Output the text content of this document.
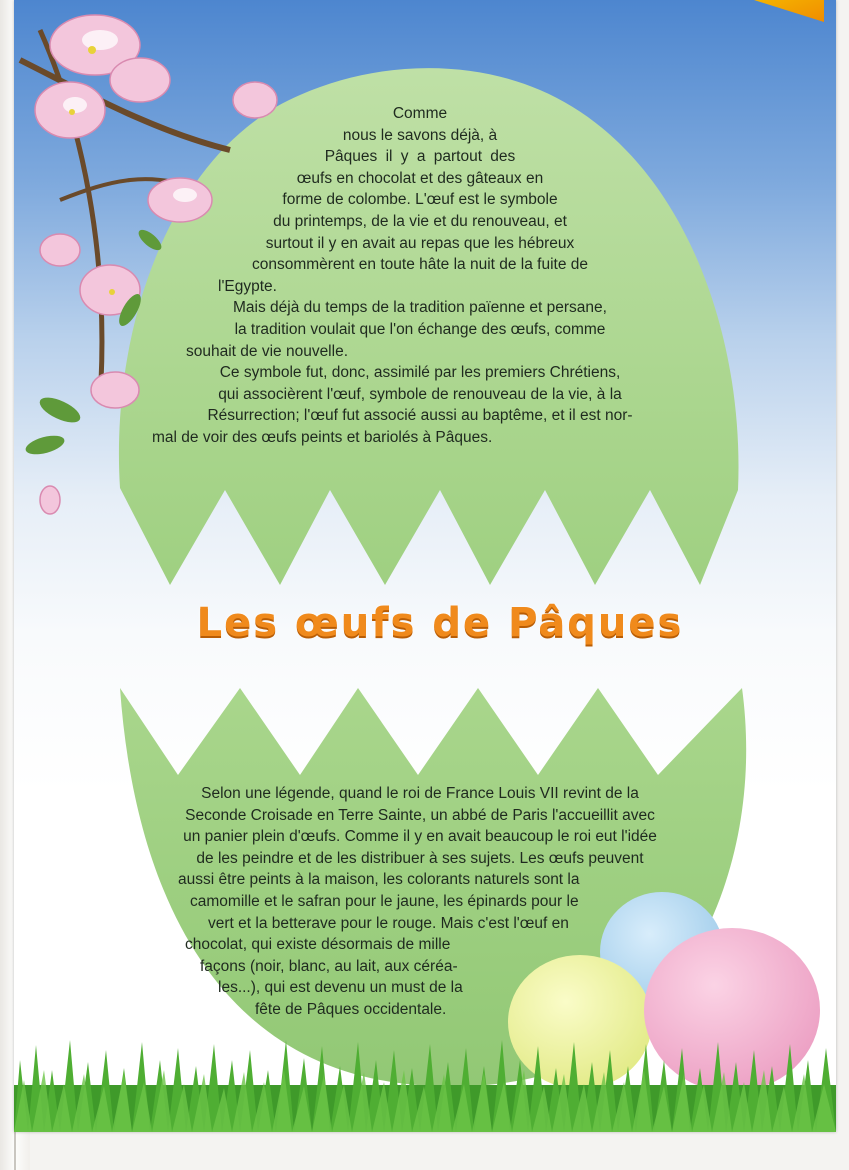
Comme
nous le savons déjà, à
Pâques il y a partout des
œufs en chocolat et des gâteaux en
forme de colombe. L'œuf est le symbole
du printemps, de la vie et du renouveau, et
surtout il y en avait au repas que les hébreux
consommèrent en toute hâte la nuit de la fuite de
l'Egypte.
Mais déjà du temps de la tradition païenne et persane,
la tradition voulait que l'on échange des œufs, comme
souhait de vie nouvelle.
Ce symbole fut, donc, assimilé par les premiers Chrétiens,
qui associèrent l'œuf, symbole de renouveau de la vie, à la
Résurrection; l'œuf fut associé aussi au baptême, et il est nor-
mal de voir des œufs peints et bariolés à Pâques.
Les œufs de Pâques
Selon une légende, quand le roi de France Louis VII revint de la
Seconde Croisade en Terre Sainte, un abbé de Paris l'accueillit avec
un panier plein d'œufs. Comme il y en avait beaucoup le roi eut l'idée
de les peindre et de les distribuer à ses sujets. Les œufs peuvent
aussi être peints à la maison, les colorants naturels sont la
camomille et le safran pour le jaune, les épinards pour le
vert et la betterave pour le rouge. Mais c'est l'œuf en
chocolat, qui existe désormais de mille
façons (noir, blanc, au lait, aux céréa-
les...), qui est devenu un must de la
fête de Pâques occidentale.
